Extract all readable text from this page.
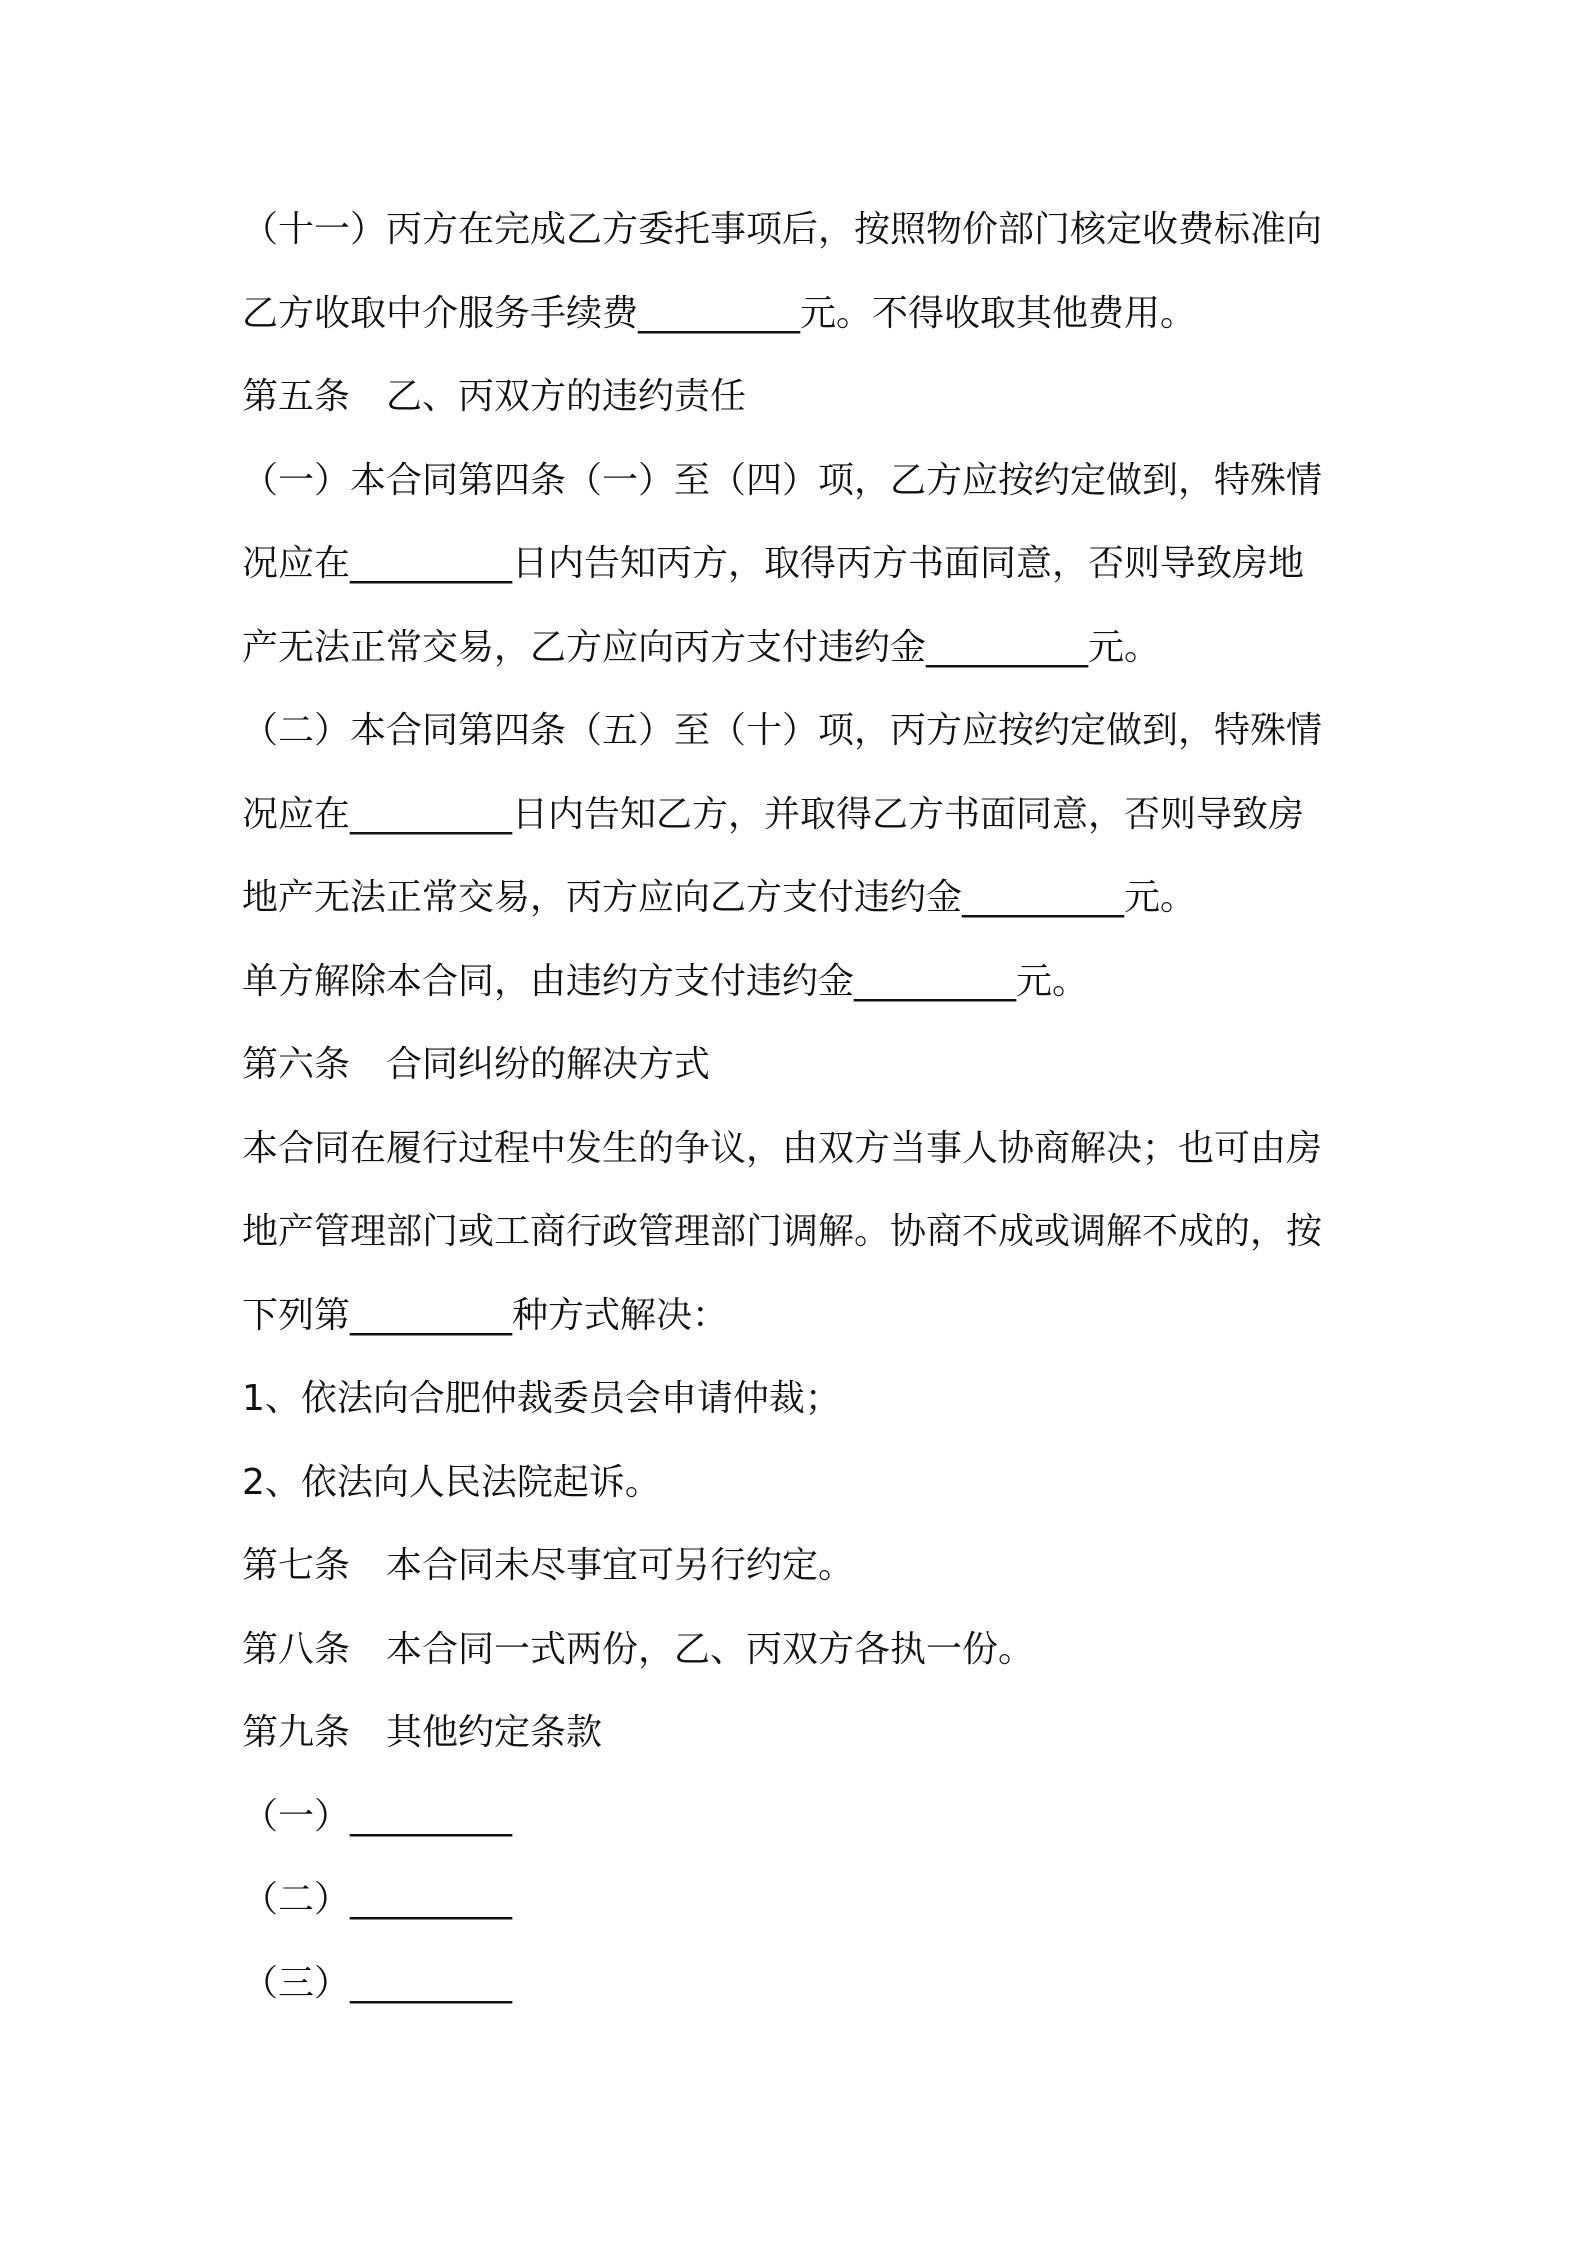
（十一）丙方在完成乙方委托事项后，按照物价部门核定收费标准向
乙方收取中介服务手续费_________元。不得收取其他费用。
第五条　乙、丙双方的违约责任
（一）本合同第四条（一）至（四）项，乙方应按约定做到，特殊情
况应在_________日内告知丙方，取得丙方书面同意，否则导致房地
产无法正常交易，乙方应向丙方支付违约金_________元。
（二）本合同第四条（五）至（十）项，丙方应按约定做到，特殊情
况应在_________日内告知乙方，并取得乙方书面同意，否则导致房
地产无法正常交易，丙方应向乙方支付违约金_________元。
单方解除本合同，由违约方支付违约金_________元。
第六条　合同纠纷的解决方式
本合同在履行过程中发生的争议，由双方当事人协商解决；也可由房
地产管理部门或工商行政管理部门调解。协商不成或调解不成的，按
下列第_________种方式解决：
1、依法向合肥仲裁委员会申请仲裁；
2、依法向人民法院起诉。
第七条　本合同未尽事宜可另行约定。
第八条　本合同一式两份，乙、丙双方各执一份。
第九条　其他约定条款
（一）_________
（二）_________
（三）_________
